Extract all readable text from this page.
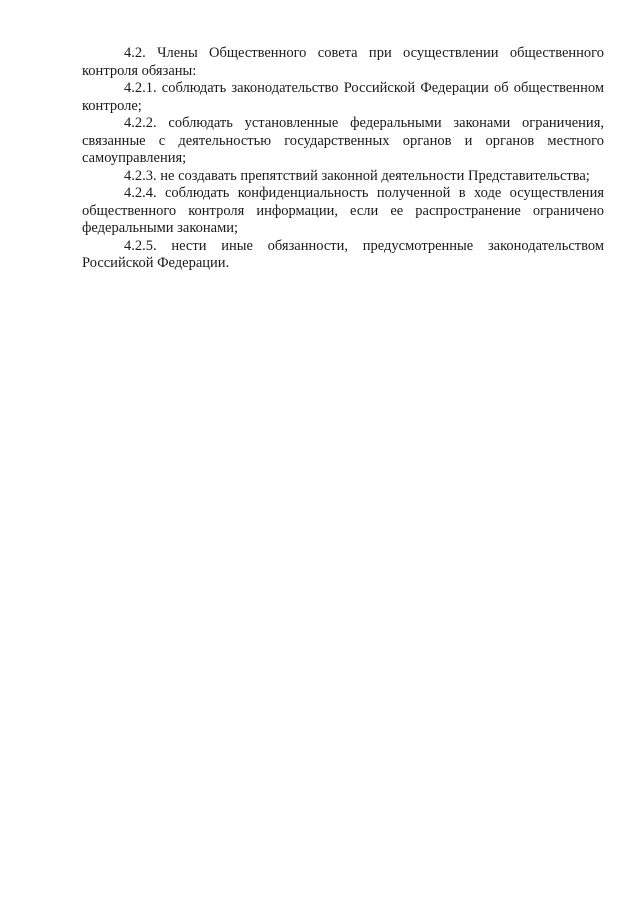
4.2. Члены Общественного совета при осуществлении общественного контроля обязаны:

4.2.1. соблюдать законодательство Российской Федерации об общественном контроле;

4.2.2. соблюдать установленные федеральными законами ограничения, связанные с деятельностью государственных органов и органов местного самоуправления;

4.2.3. не создавать препятствий законной деятельности Представительства;

4.2.4. соблюдать конфиденциальность полученной в ходе осуществления общественного контроля информации, если ее распространение ограничено федеральными законами;

4.2.5. нести иные обязанности, предусмотренные законодательством Российской Федерации.
